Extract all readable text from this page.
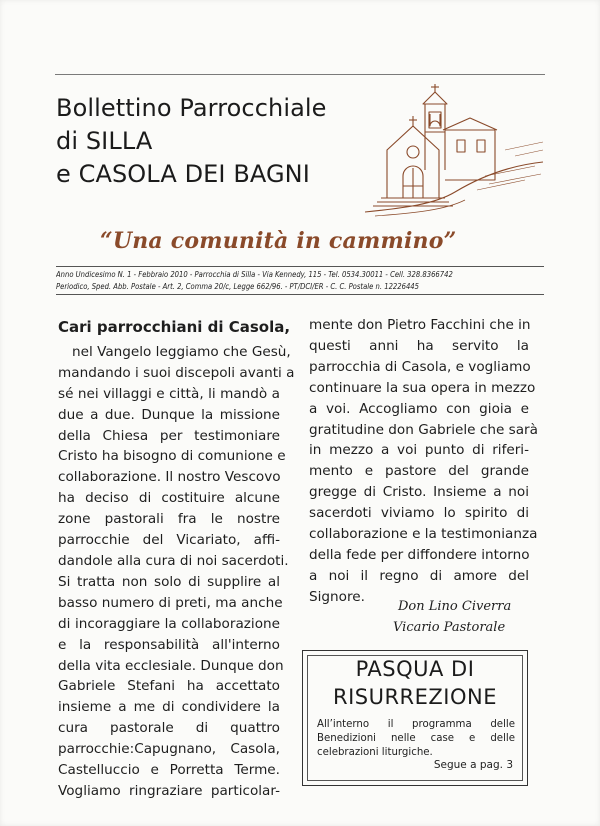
Bollettino Parrocchiale
di SILLA
e CASOLA DEI BAGNI
“Una comunità in cammino”
Anno Undicesimo N. 1 - Febbraio 2010 - Parrocchia di Silla - Via Kennedy, 115 - Tel. 0534.30011 - Cell. 328.8366742
Periodico, Sped. Abb. Postale - Art. 2, Comma 20/c, Legge 662/96. - PT/DCI/ER - C. C. Postale n. 12226445
Cari parrocchiani di Casola,
nel Vangelo leggiamo che Gesù,
mandando i suoi discepoli avanti a
sé nei villaggi e città, li mandò a
due a due. Dunque la missione
della Chiesa per testimoniare
Cristo ha bisogno di comunione e
collaborazione. Il nostro Vescovo
ha deciso di costituire alcune
zone pastorali fra le nostre
parrocchie del Vicariato, affi-
dandole alla cura di noi sacerdoti.
Si tratta non solo di supplire al
basso numero di preti, ma anche
di incoraggiare la collaborazione
e la responsabilità all'interno
della vita ecclesiale. Dunque don
Gabriele Stefani ha accettato
insieme a me di condividere la
cura pastorale di quattro
parrocchie:Capugnano, Casola,
Castelluccio e Porretta Terme.
Vogliamo ringraziare particolar-
mente don Pietro Facchini che in
questi anni ha servito la
parrocchia di Casola, e vogliamo
continuare la sua opera in mezzo
a voi. Accogliamo con gioia e
gratitudine don Gabriele che sarà
in mezzo a voi punto di riferi-
mento e pastore del grande
gregge di Cristo. Insieme a noi
sacerdoti viviamo lo spirito di
collaborazione e la testimonianza
della fede per diffondere intorno
a noi il regno di amore del
Signore.
Don Lino Civerra
Vicario Pastorale
PASQUA DI
RISURREZIONE
All’interno il programma delle
Benedizioni nelle case e delle
celebrazioni liturgiche.
Segue a pag. 3
